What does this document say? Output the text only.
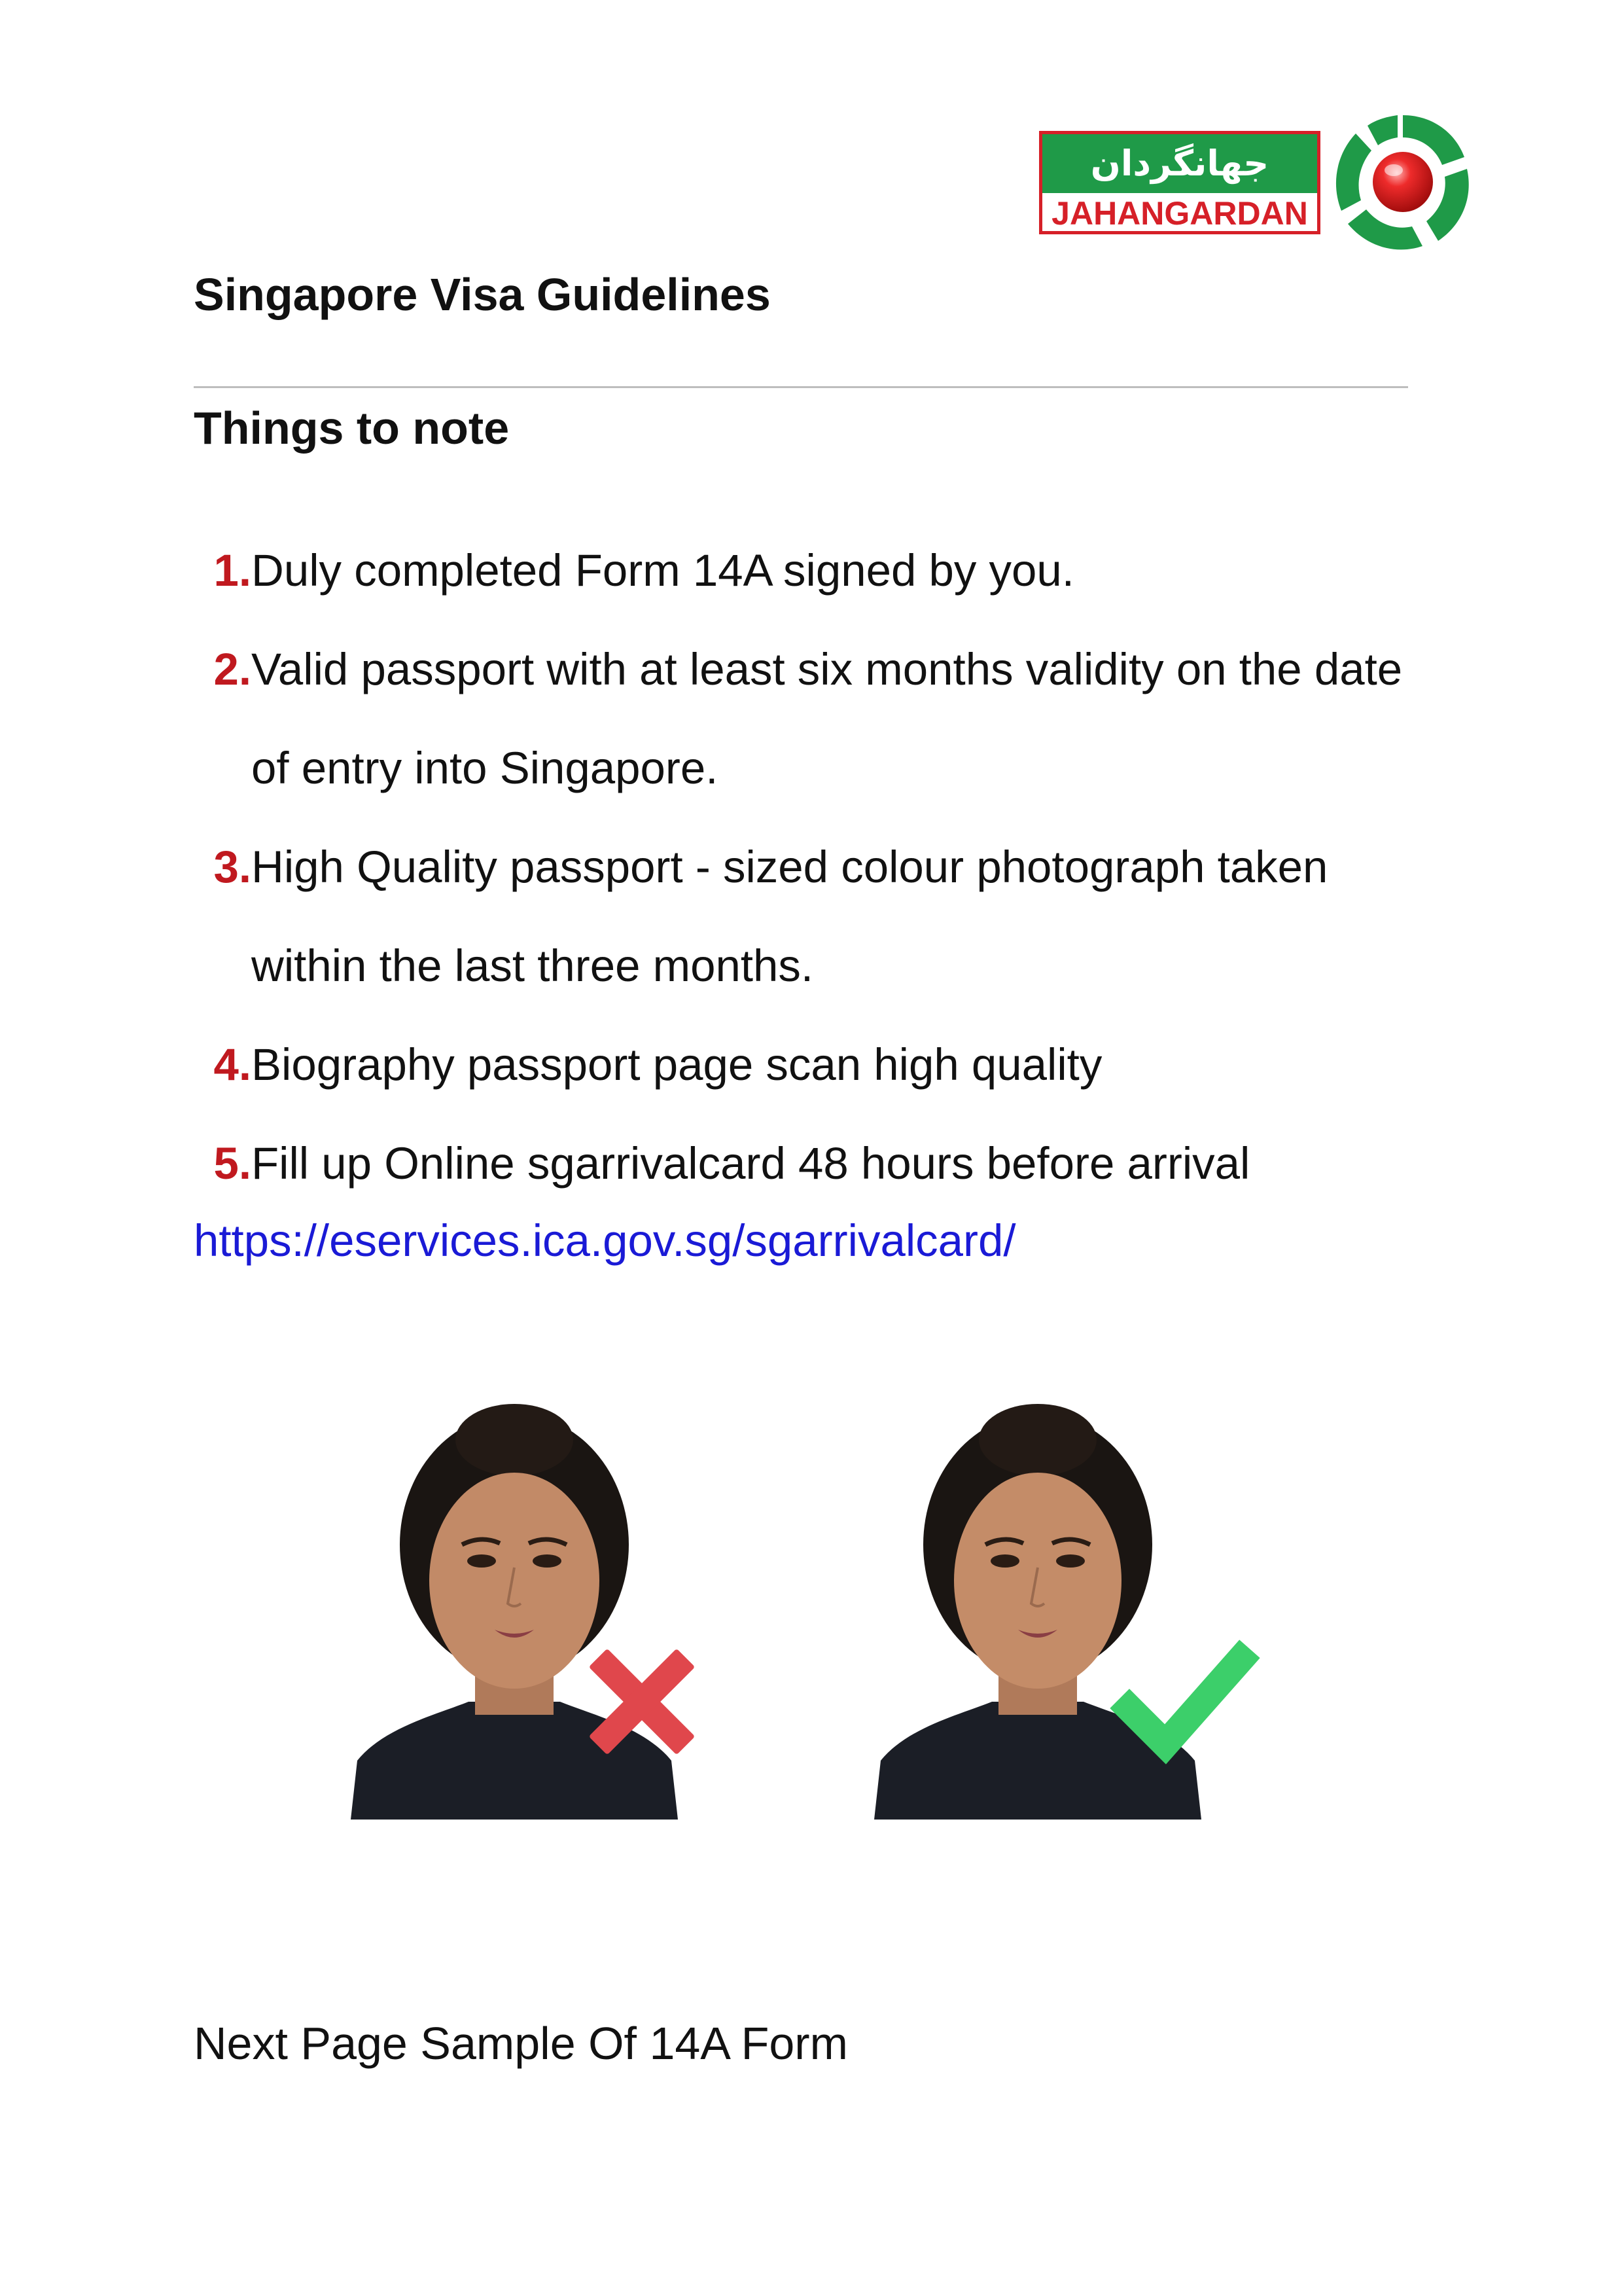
جهانگردان
JAHANGARDAN
Singapore Visa Guidelines
Things to note
1. Duly completed Form 14A signed by you.
2. Valid passport with at least six months validity on the date of entry into Singapore.
3. High Quality passport - sized colour photograph taken within the last three months.
4. Biography passport page scan high quality
5. Fill up Online sgarrivalcard 48 hours before arrival
https://eservices.ica.gov.sg/sgarrivalcard/
Next Page Sample Of 14A Form
